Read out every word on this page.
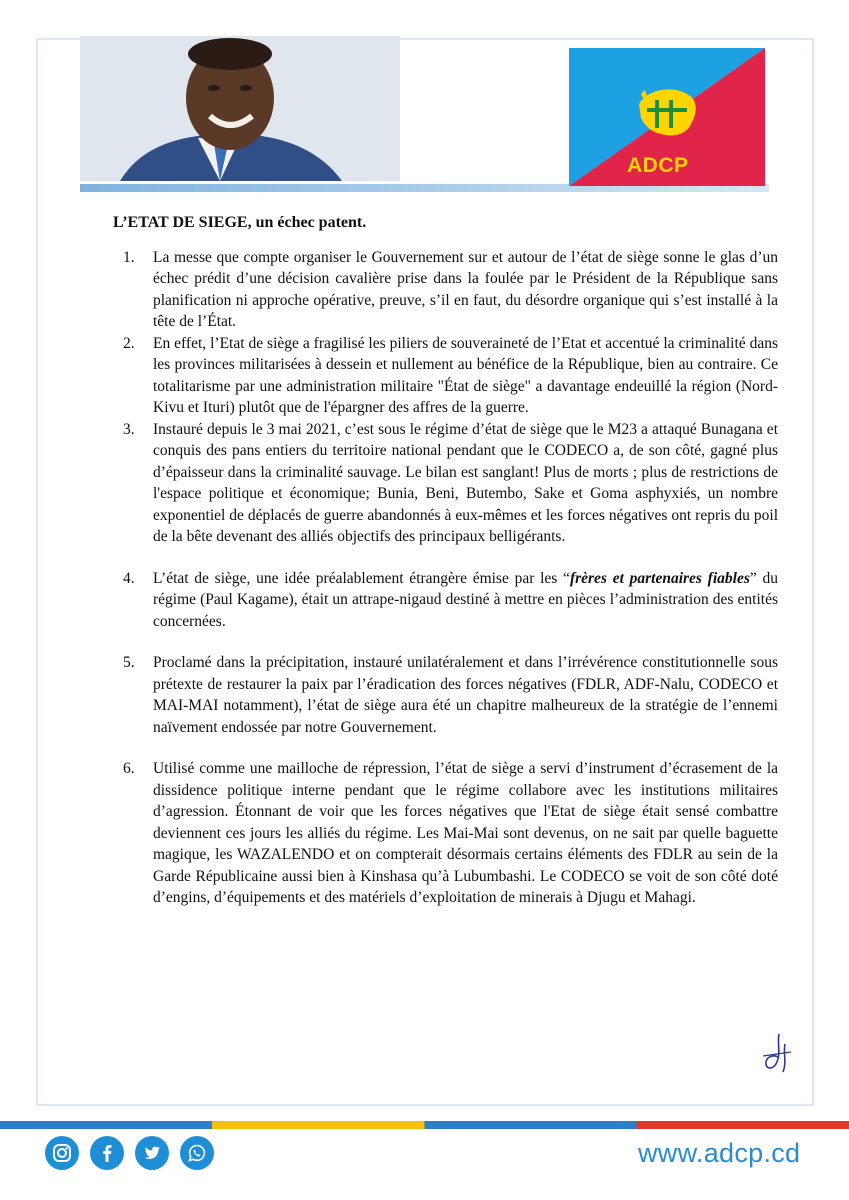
ADCP
L’ETAT DE SIEGE, un échec patent.
1. La messe que compte organiser le Gouvernement sur et autour de l’état de siège sonne le glas d’un échec prédit d’une décision cavalière prise dans la foulée par le Président de la République sans planification ni approche opérative, preuve, s’il en faut, du désordre organique qui s’est installé à la tête de l’État.
2. En effet, l’Etat de siège a fragilisé les piliers de souveraineté de l’Etat et accentué la criminalité dans les provinces militarisées à dessein et nullement au bénéfice de la République, bien au contraire. Ce totalitarisme par une administration militaire "État de siège" a davantage endeuillé la région (Nord-Kivu et Ituri) plutôt que de l'épargner des affres de la guerre.
3. Instauré depuis le 3 mai 2021, c’est sous le régime d’état de siège que le M23 a attaqué Bunagana et conquis des pans entiers du territoire national pendant que le CODECO a, de son côté, gagné plus d’épaisseur dans la criminalité sauvage. Le bilan est sanglant! Plus de morts ; plus de restrictions de l'espace politique et économique; Bunia, Beni, Butembo, Sake et Goma asphyxiés, un nombre exponentiel de déplacés de guerre abandonnés à eux-mêmes et les forces négatives ont repris du poil de la bête devenant des alliés objectifs des principaux belligérants.
4. L’état de siège, une idée préalablement étrangère émise par les “frères et partenaires fiables” du régime (Paul Kagame), était un attrape-nigaud destiné à mettre en pièces l’administration des entités concernées.
5. Proclamé dans la précipitation, instauré unilatéralement et dans l’irrévérence constitutionnelle sous prétexte de restaurer la paix par l’éradication des forces négatives (FDLR, ADF-Nalu, CODECO et MAI-MAI notamment), l’état de siège aura été un chapitre malheureux de la stratégie de l’ennemi naïvement endossée par notre Gouvernement.
6. Utilisé comme une mailloche de répression, l’état de siège a servi d’instrument d’écrasement de la dissidence politique interne pendant que le régime collabore avec les institutions militaires d’agression. Étonnant de voir que les forces négatives que l'Etat de siège était sensé combattre deviennent ces jours les alliés du régime. Les Mai-Mai sont devenus, on ne sait par quelle baguette magique, les WAZALENDO et on compterait désormais certains éléments des FDLR au sein de la Garde Républicaine aussi bien à Kinshasa qu’à Lubumbashi. Le CODECO se voit de son côté doté d’engins, d’équipements et des matériels d’exploitation de minerais à Djugu et Mahagi.
www.adcp.cd
